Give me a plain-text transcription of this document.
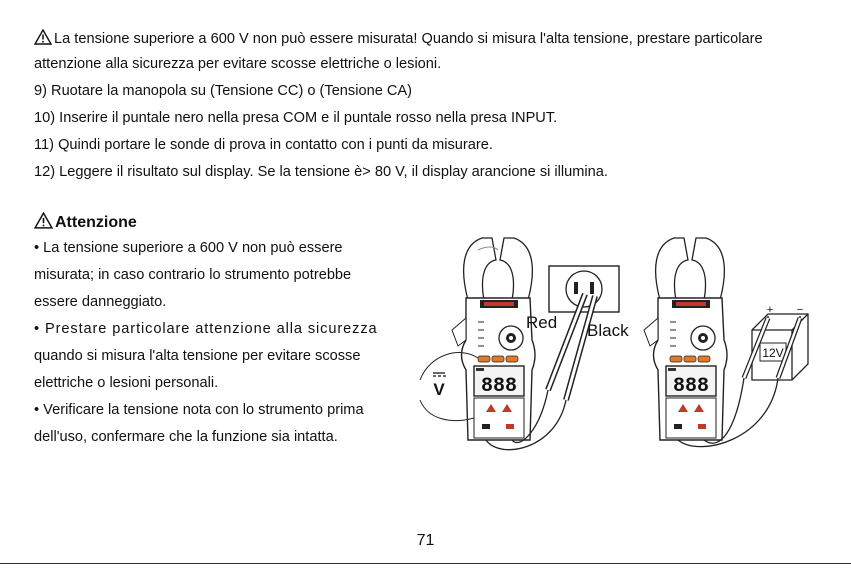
La tensione superiore a 600 V non può essere misurata! Quando si misura l'alta tensione, prestare particolare
attenzione alla sicurezza per evitare scosse elettriche o lesioni.
9) Ruotare la manopola su (Tensione CC) o (Tensione CA)
10) Inserire il puntale nero nella presa COM e il puntale rosso nella presa INPUT.
11) Quindi portare le sonde di prova in contatto con i punti da misurare.
12) Leggere il risultato sul display. Se la tensione è> 80 V, il display arancione si illumina.
Attenzione
• La tensione superiore a 600 V non può essere
misurata; in caso contrario lo strumento potrebbe
essere danneggiato.
• Prestare particolare attenzione alla sicurezza
quando si misura l'alta tensione per evitare scosse
elettriche o lesioni personali.
• Verificare la tensione nota con lo strumento prima
dell'uso, confermare che la funzione sia intatta.
888
V	888
12V
+ −
Red Black
71
